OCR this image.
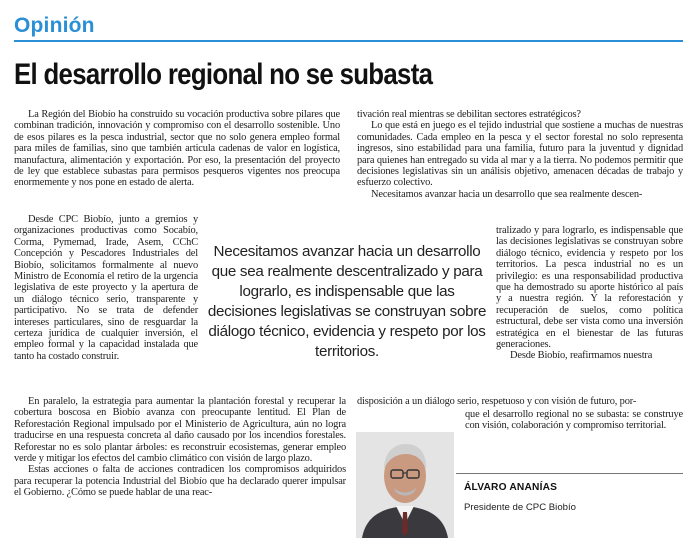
Opinión
El desarrollo regional no se subasta

La Región del Biobío ha construido su vocación productiva sobre pilares que combinan tradición, innovación y compromiso con el desarrollo sostenible. Uno de esos pilares es la pesca industrial, sector que no solo genera empleo formal para miles de familias, sino que también articula cadenas de valor en logística, manufactura, alimentación y exportación. Por eso, la presentación del proyecto de ley que establece subastas para permisos pesqueros vigentes nos preocupa enormemente y nos pone en estado de alerta.

Desde CPC Biobío, junto a gremios y organizaciones productivas como Socabío, Corma, Pymemad, Irade, Asem, CChC Concepción y Pescadores Industriales del Biobío, solicitamos formalmente al nuevo Ministro de Economía el retiro de la urgencia legislativa de este proyecto y la apertura de un diálogo técnico serio, transparente y participativo. No se trata de defender intereses particulares, sino de resguardar la certeza jurídica de cualquier inversión, el empleo formal y la capacidad instalada que tanto ha costado construir.

En paralelo, la estrategia para aumentar la plantación forestal y recuperar la cobertura boscosa en Biobío avanza con preocupante lentitud. El Plan de Reforestación Regional impulsado por el Ministerio de Agricultura, aún no logra traducirse en una respuesta concreta al daño causado por los incendios forestales. Reforestar no es solo plantar árboles: es reconstruir ecosistemas, generar empleo verde y mitigar los efectos del cambio climático con visión de largo plazo.

Estas acciones o falta de acciones contradicen los compromisos adquiridos para recuperar la potencia Industrial del Biobío que ha declarado querer impulsar el Gobierno. ¿Cómo se puede hablar de una reac-

tivación real mientras se debilitan sectores estratégicos?

Lo que está en juego es el tejido industrial que sostiene a muchas de nuestras comunidades. Cada empleo en la pesca y el sector forestal no solo representa ingresos, sino estabilidad para una familia, futuro para la juventud y dignidad para quienes han entregado su vida al mar y a la tierra. No podemos permitir que decisiones legislativas sin un análisis objetivo, amenacen décadas de trabajo y esfuerzo colectivo.

Necesitamos avanzar hacia un desarrollo que sea realmente descen-

tralizado y para lograrlo, es indispensable que las decisiones legislativas se construyan sobre diálogo técnico, evidencia y respeto por los territorios. La pesca industrial no es un privilegio: es una responsabilidad productiva que ha demostrado su aporte histórico al país y a nuestra región. Y la reforestación y recuperación de suelos, como política estructural, debe ser vista como una inversión estratégica en el bienestar de las futuras generaciones.

Desde Biobío, reafirmamos nuestra

disposición a un diálogo serio, respetuoso y con visión de futuro, por-

que el desarrollo regional no se subasta: se construye con visión, colaboración y compromiso territorial.

Necesitamos avanzar hacia un desarrollo que sea realmente descentralizado y para lograrlo, es indispensable que las decisiones legislativas se construyan sobre diálogo técnico, evidencia y respeto por los territorios.
ÁLVARO ANANÍAS
Presidente de CPC Biobío
